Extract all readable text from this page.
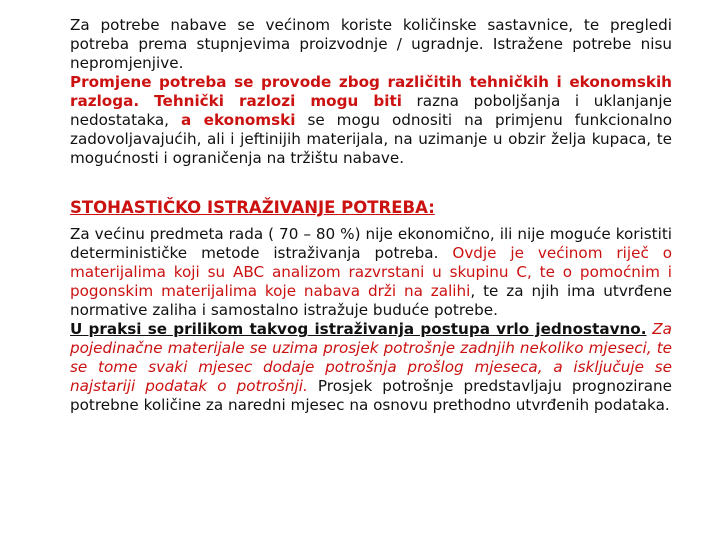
Za potrebe nabave se većinom koriste količinske sastavnice, te pregledi potreba prema stupnjevima proizvodnje / ugradnje. Istražene potrebe nisu nepromjenjive.

Promjene potreba se provode zbog različitih tehničkih i ekonomskih razloga. Tehnički razlozi mogu biti razna poboljšanja i uklanjanje nedostataka, a ekonomski se mogu odnositi na primjenu funkcionalno zadovoljavajućih, ali i jeftinijih materijala, na uzimanje u obzir želja kupaca, te mogućnosti i ograničenja na tržištu nabave.

STOHASTIČKO ISTRAŽIVANJE POTREBA:

Za većinu predmeta rada ( 70 – 80 %) nije ekonomično, ili nije moguće koristiti determinističke metode istraživanja potreba. Ovdje je većinom riječ o materijalima koji su ABC analizom razvrstani u skupinu C, te o pomoćnim i pogonskim materijalima koje nabava drži na zalihi, te za njih ima utvrđene normative zaliha i samostalno istražuje buduće potrebe.

U praksi se prilikom takvog istraživanja postupa vrlo jednostavno. Za pojedinačne materijale se uzima prosjek potrošnje zadnjih nekoliko mjeseci, te se tome svaki mjesec dodaje potrošnja prošlog mjeseca, a isključuje se najstariji podatak o potrošnji. Prosjek potrošnje predstavljaju prognozirane potrebne količine za naredni mjesec na osnovu prethodno utvrđenih podataka.
